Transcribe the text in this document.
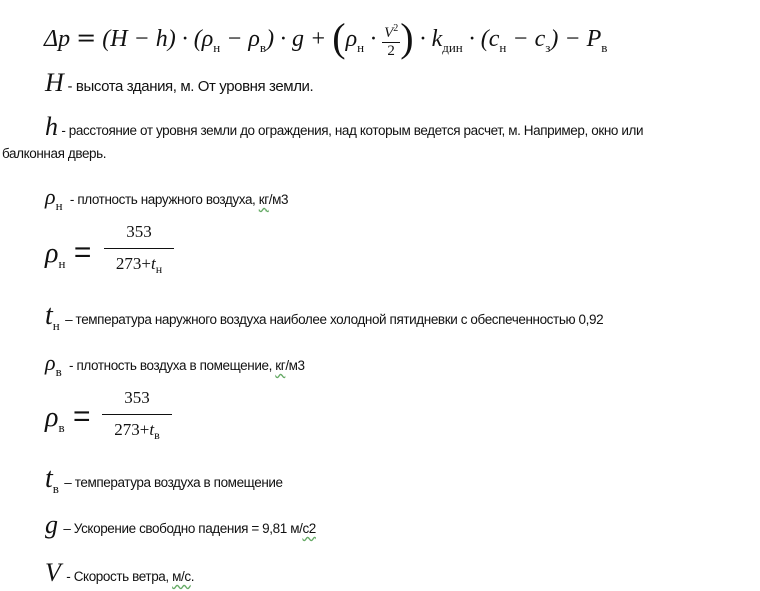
$\Delta p = (H - h) \cdot (\rho_н - \rho_в) \cdot g + (\rho_н \cdot \frac{V^2}{2}$ ) · $k_{дин} \cdot (c_н - c_з) - P_в$
H - высота здания, м. От уровня земли.
h - расстояние от уровня земли до ограждения, над которым ведется расчет, м. Например, окно или
балконная дверь.
$\rho_н$ - плотность наружного воздуха, кг/м3
$\rho_н$ =
353
$273+t_н$
$t_н$ – температура наружного воздуха наиболее холодной пятидневки с обеспеченностью 0,92
$\rho_в$ - плотность воздуха в помещение, кг/м3
$\rho_в$ =
353
$273+t_в$
$t_в$ – температура воздуха в помещение
g – Ускорение свободно падения = 9,81 м/с2
V - Скорость ветра, м/с.
